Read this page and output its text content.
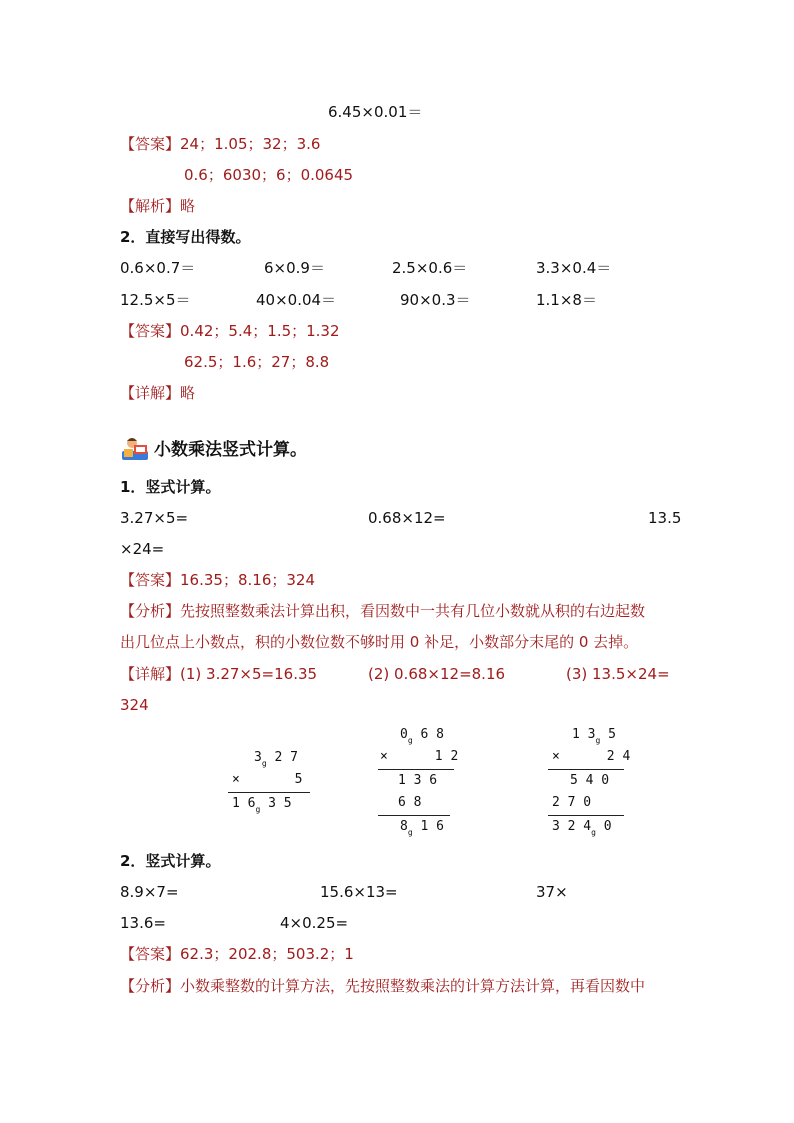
6.45×0.01＝
【答案】24；1.05；32；3.6
0.6；6030；6；0.0645
【解析】略
2．直接写出得数。
0.6×0.7＝	6×0.9＝	2.5×0.6＝	3.3×0.4＝
12.5×5＝	40×0.04＝	90×0.3＝	1.1×8＝
【答案】0.42；5.4；1.5；1.32
62.5；1.6；27；8.8
【详解】略
小数乘法竖式计算。
1．竖式计算。
3.27×5=	0.68×12=	13.5
×24=
【答案】16.35；8.16；324
【分析】先按照整数乘法计算出积，看因数中一共有几位小数就从积的右边起数
出几位点上小数点，积的小数位数不够时用 0 补足，小数部分末尾的 0 去掉。
【详解】(1) 3.27×5=16.35	(2) 0.68×12=8.16	(3) 13.5×24=
324
$3_g$ 2 7
×       5
1 $6_g$ 3 5
$0_g$ 6 8
×      1 2
1 3 6
6 8
$8_g$ 1 6
1 $3_g$ 5
×      2 4
5 4 0
2 7 0
3 2 $4_g$ 0
2．竖式计算。
8.9×7=	15.6×13=	37×
13.6=	4×0.25=
【答案】62.3；202.8；503.2；1
【分析】小数乘整数的计算方法，先按照整数乘法的计算方法计算，再看因数中
